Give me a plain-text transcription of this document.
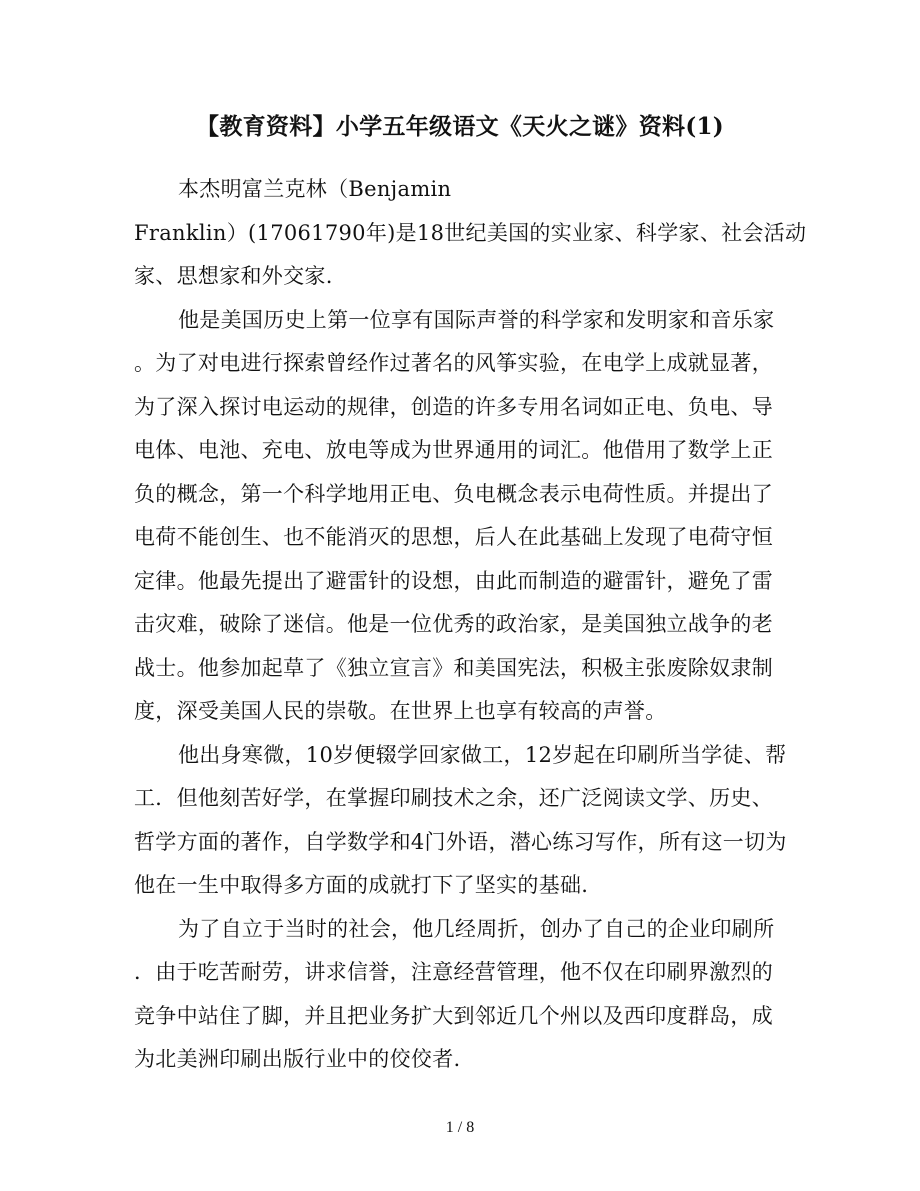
【教育资料】小学五年级语文《天火之谜》资料(1)
本杰明富兰克林（Benjamin
Franklin）(17061790年)是18世纪美国的实业家、科学家、社会活动
家、思想家和外交家.
他是美国历史上第一位享有国际声誉的科学家和发明家和音乐家
。为了对电进行探索曾经作过著名的风筝实验，在电学上成就显著，
为了深入探讨电运动的规律，创造的许多专用名词如正电、负电、导
电体、电池、充电、放电等成为世界通用的词汇。他借用了数学上正
负的概念，第一个科学地用正电、负电概念表示电荷性质。并提出了
电荷不能创生、也不能消灭的思想，后人在此基础上发现了电荷守恒
定律。他最先提出了避雷针的设想，由此而制造的避雷针，避免了雷
击灾难，破除了迷信。他是一位优秀的政治家，是美国独立战争的老
战士。他参加起草了《独立宣言》和美国宪法，积极主张废除奴隶制
度，深受美国人民的崇敬。在世界上也享有较高的声誉。
他出身寒微，10岁便辍学回家做工，12岁起在印刷所当学徒、帮
工．但他刻苦好学，在掌握印刷技术之余，还广泛阅读文学、历史、
哲学方面的著作，自学数学和4门外语，潜心练习写作，所有这一切为
他在一生中取得多方面的成就打下了坚实的基础.
为了自立于当时的社会，他几经周折，创办了自己的企业印刷所
．由于吃苦耐劳，讲求信誉，注意经营管理，他不仅在印刷界激烈的
竞争中站住了脚，并且把业务扩大到邻近几个州以及西印度群岛，成
为北美洲印刷出版行业中的佼佼者.
1 / 8
